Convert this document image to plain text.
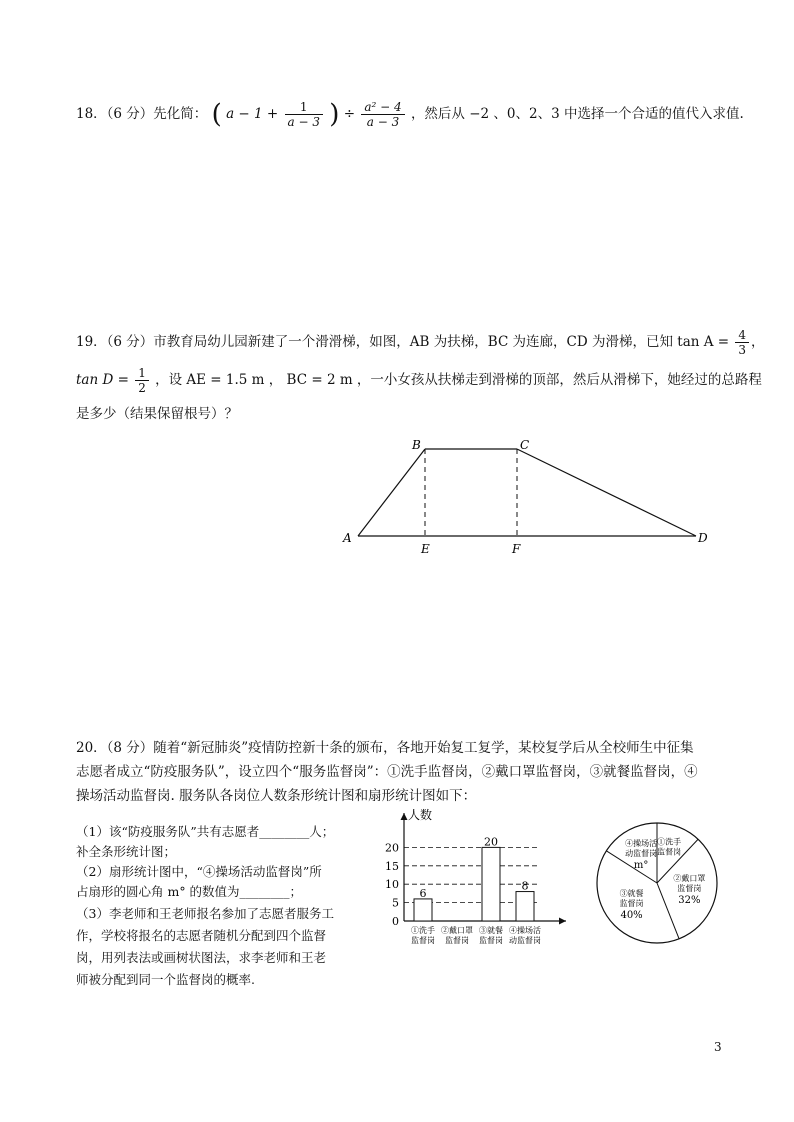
18．（6 分）先化简： ( $a - 1 + \frac{1}{a - 3}$ ) ÷ $\frac{\text{a² − 4}}{a - 3}$ ，然后从 −2 、0、2、3 中选择一个合适的值代入求值.
19．（6 分）市教育局幼儿园新建了一个滑滑梯，如图，AB 为扶梯，BC 为连廊，CD 为滑梯，已知 $\tan A = \frac{4}{3}$ ，
$\tan D = \frac{1}{2}$ ，设 AE = 1.5 m ， BC = 2 m ，一小女孩从扶梯走到滑梯的顶部，然后从滑梯下，她经过的总路程
是多少（结果保留根号）？
A
B	C
D
E	F
20．（8 分）随着“新冠肺炎”疫情防控新十条的颁布，各地开始复工复学，某校复学后从全校师生中征集
志愿者成立“防疫服务队”，设立四个“服务监督岗”：①洗手监督岗，②戴口罩监督岗，③就餐监督岗，④
操场活动监督岗. 服务队各岗位人数条形统计图和扇形统计图如下：
（1）该“防疫服务队”共有志愿者________人；
补全条形统计图；
（2）扇形统计图中，“④操场活动监督岗”所
占扇形的圆心角 m° 的数值为________；
（3）李老师和王老师报名参加了志愿者服务工
作，学校将报名的志愿者随机分配到四个监督
岗，用列表法或画树状图法，求李老师和王老
师被分配到同一个监督岗的概率.
人数
0
5
10
15
20
6
20
8
①洗手
监督岗
②戴口罩
监督岗
③就餐
监督岗
④操场活
动监督岗
①洗手
监督岗
②戴口罩
监督岗
32%
③就餐
监督岗
40%
④操场活
动监督岗
m°
3
